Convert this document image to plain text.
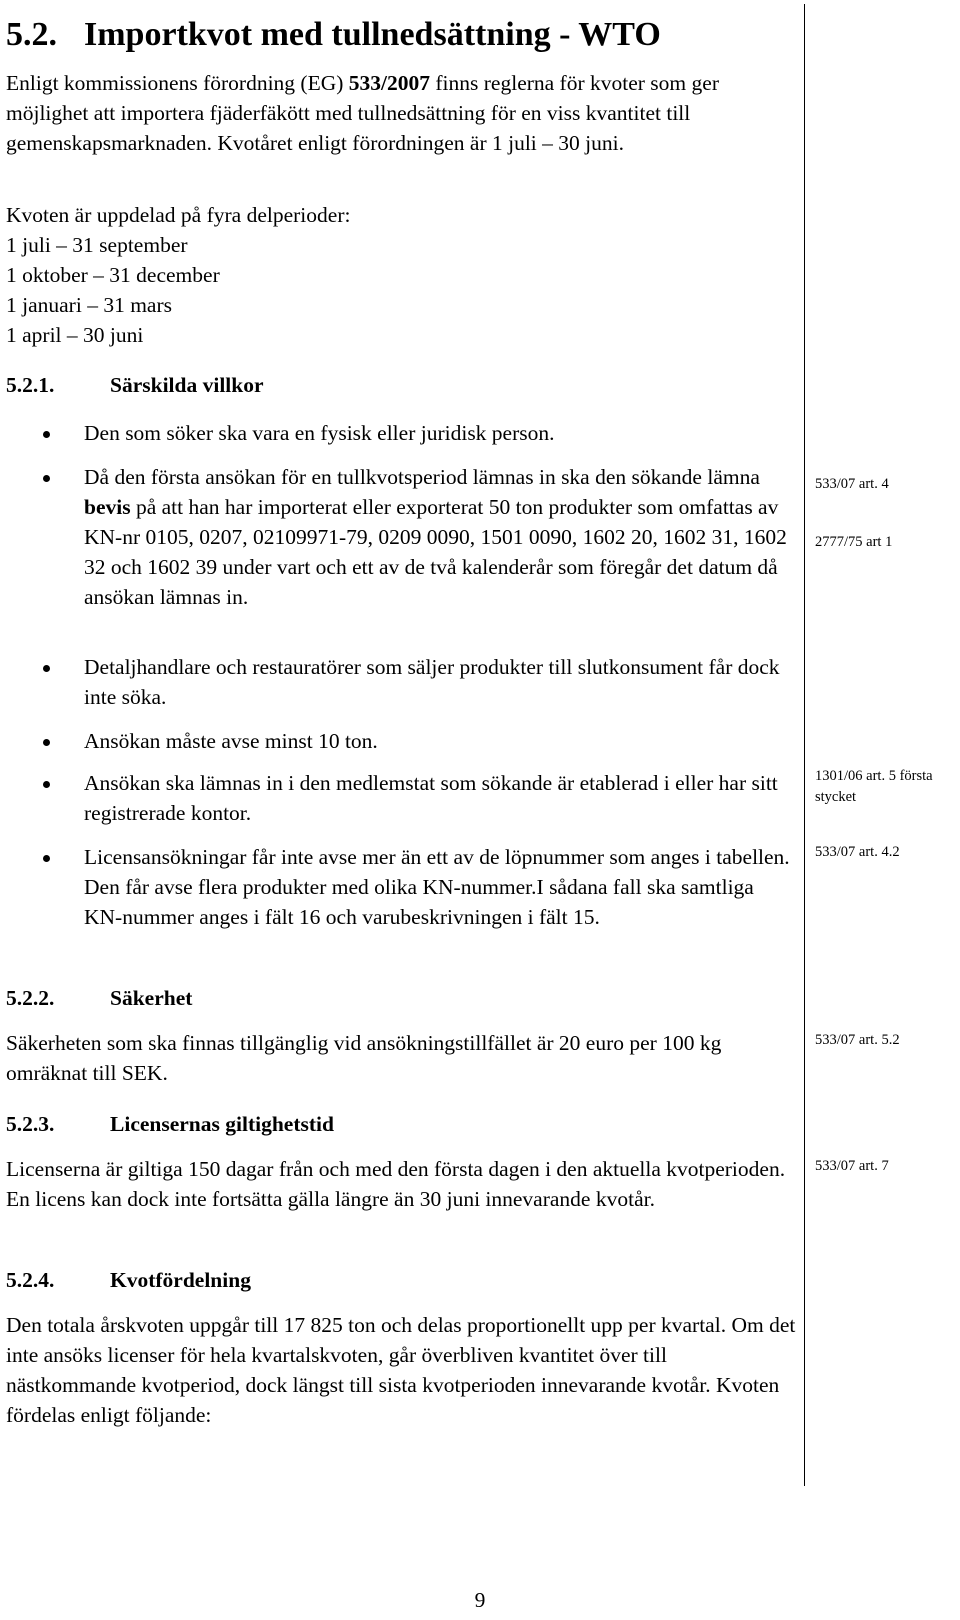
5.2. Importkvot med tullnedsättning - WTO

Enligt kommissionens förordning (EG) 533/2007 finns reglerna för kvoter som ger möjlighet att importera fjäderfäkött med tullnedsättning för en viss kvantitet till gemenskapsmarknaden. Kvotåret enligt förordningen är 1 juli – 30 juni.

Kvoten är uppdelad på fyra delperioder:

1 juli – 31 september

1 oktober – 31 december

1 januari – 31 mars

1 april – 30 juni

5.2.1.	Särskilda villkor
Den som söker ska vara en fysisk eller juridisk person.
Då den första ansökan för en tullkvotsperiod lämnas in ska den sökande lämna bevis på att han har importerat eller exporterat 50 ton produkter som omfattas av KN-nr 0105, 0207, 02109971-79, 0209 0090, 1501 0090, 1602 20, 1602 31, 1602 32 och 1602 39 under vart och ett av de två kalenderår som föregår det datum då ansökan lämnas in.
Detaljhandlare och restauratörer som säljer produkter till slutkonsument får dock inte söka.
Ansökan måste avse minst 10 ton.
Ansökan ska lämnas in i den medlemstat som sökande är etablerad i eller har sitt registrerade kontor.
Licensansökningar får inte avse mer än ett av de löpnummer som anges i tabellen. Den får avse flera produkter med olika KN-nummer.I sådana fall ska samtliga KN-nummer anges i fält 16 och varubeskrivningen i fält 15.
5.2.2.	Säkerhet

Säkerheten som ska finnas tillgänglig vid ansökningstillfället är 20 euro per 100 kg omräknat till SEK.

5.2.3.	Licensernas giltighetstid

Licenserna är giltiga 150 dagar från och med den första dagen i den aktuella kvotperioden. En licens kan dock inte fortsätta gälla längre än 30 juni innevarande kvotår.

5.2.4.	Kvotfördelning

Den totala årskvoten uppgår till 17 825 ton och delas proportionellt upp per kvartal. Om det inte ansöks licenser för hela kvartalskvoten, går överbliven kvantitet över till nästkommande kvotperiod, dock längst till sista kvotperioden innevarande kvotår. Kvoten fördelas enligt följande:

533/07 art. 4
2777/75 art 1
1301/06 art. 5 första stycket
533/07 art. 4.2
533/07 art. 5.2
533/07 art. 7
9
